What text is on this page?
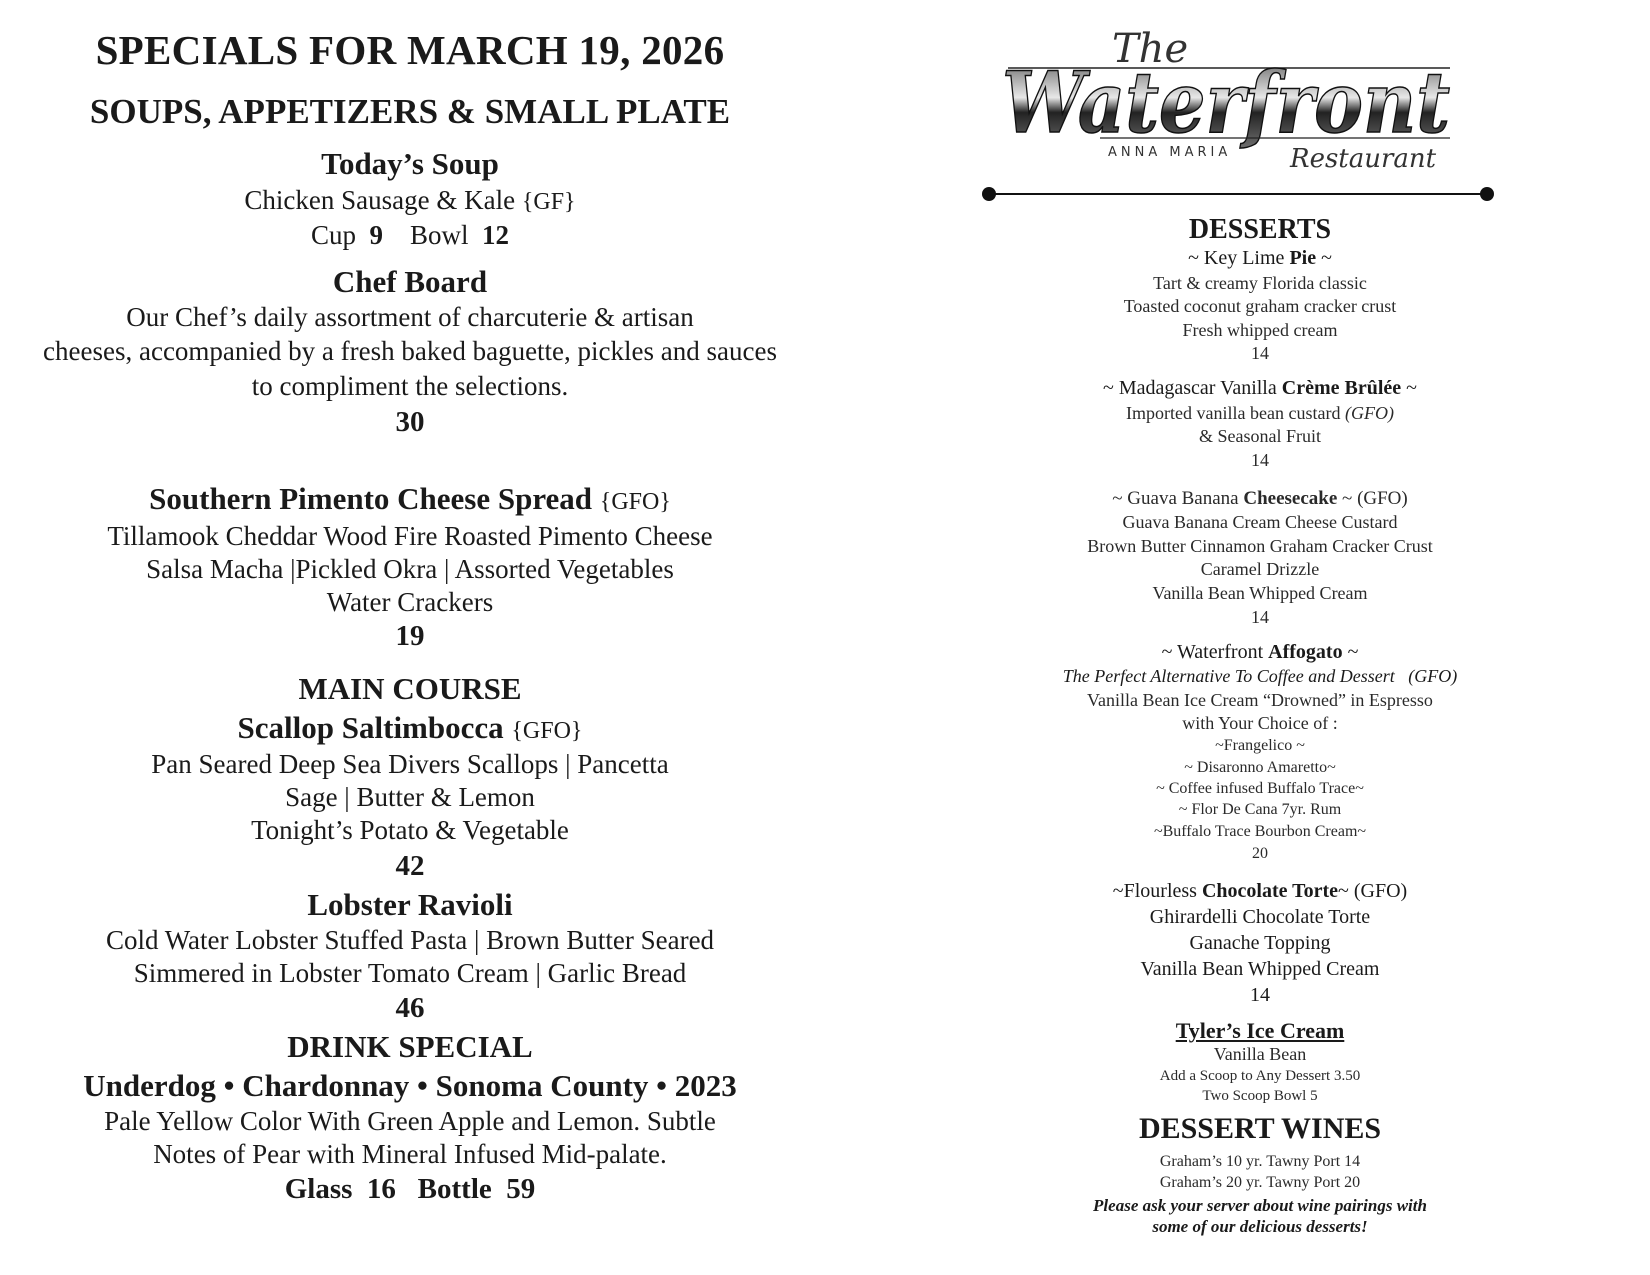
SPECIALS FOR MARCH 19, 2026
SOUPS, APPETIZERS & SMALL PLATE
Today’s Soup
Chicken Sausage & Kale {GF}
Cup 9 Bowl 12
Chef Board
Our Chef’s daily assortment of charcuterie & artisan
cheeses, accompanied by a fresh baked baguette, pickles and sauces
to compliment the selections.
30
Southern Pimento Cheese Spread {GFO}
Tillamook Cheddar Wood Fire Roasted Pimento Cheese
Salsa Macha |Pickled Okra | Assorted Vegetables
Water Crackers
19
MAIN COURSE
Scallop Saltimbocca {GFO}
Pan Seared Deep Sea Divers Scallops | Pancetta
Sage | Butter & Lemon
Tonight’s Potato & Vegetable
42
Lobster Ravioli
Cold Water Lobster Stuffed Pasta | Brown Butter Seared
Simmered in Lobster Tomato Cream | Garlic Bread
46
DRINK SPECIAL
Underdog • Chardonnay • Sonoma County • 2023
Pale Yellow Color With Green Apple and Lemon. Subtle
Notes of Pear with Mineral Infused Mid-palate.
Glass 16 Bottle 59
The
Waterfront
ANNA MARIA Restaurant
DESSERTS
~ Key Lime Pie ~
Tart & creamy Florida classic
Toasted coconut graham cracker crust
Fresh whipped cream
14
~ Madagascar Vanilla Crème Brûlée ~
Imported vanilla bean custard (GFO)
& Seasonal Fruit
14
~ Guava Banana Cheesecake ~ (GFO)
Guava Banana Cream Cheese Custard
Brown Butter Cinnamon Graham Cracker Crust
Caramel Drizzle
Vanilla Bean Whipped Cream
14
~ Waterfront Affogato ~
The Perfect Alternative To Coffee and Dessert (GFO)
Vanilla Bean Ice Cream “Drowned” in Espresso
with Your Choice of :
~Frangelico ~
~ Disaronno Amaretto~
~ Coffee infused Buffalo Trace~
~ Flor De Cana 7yr. Rum
~Buffalo Trace Bourbon Cream~
20
~Flourless Chocolate Torte~ (GFO)
Ghirardelli Chocolate Torte
Ganache Topping
Vanilla Bean Whipped Cream
14
Tyler’s Ice Cream
Vanilla Bean
Add a Scoop to Any Dessert 3.50
Two Scoop Bowl 5
DESSERT WINES
Graham’s 10 yr. Tawny Port 14
Graham’s 20 yr. Tawny Port 20
Please ask your server about wine pairings with
some of our delicious desserts!
